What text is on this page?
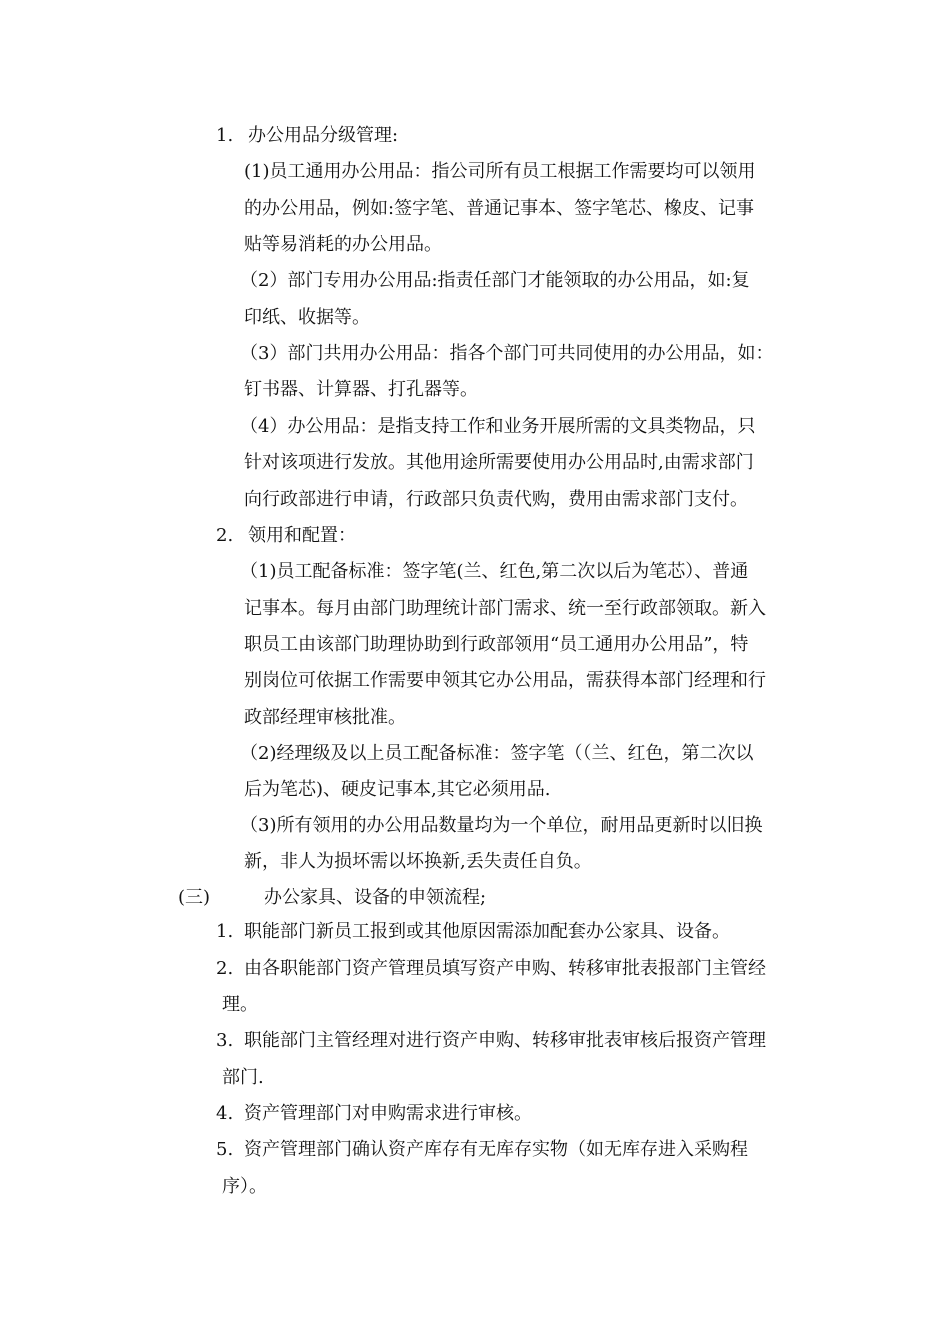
1. 办公用品分级管理:
(1)员工通用办公用品：指公司所有员工根据工作需要均可以领用
的办公用品，例如:签字笔、普通记事本、签字笔芯、橡皮、记事
贴等易消耗的办公用品。
（2）部门专用办公用品:指责任部门才能领取的办公用品，如:复
印纸、收据等。
（3）部门共用办公用品：指各个部门可共同使用的办公用品，如：
钉书器、计算器、打孔器等。
（4）办公用品：是指支持工作和业务开展所需的文具类物品，只
针对该项进行发放。其他用途所需要使用办公用品时,由需求部门
向行政部进行申请，行政部只负责代购，费用由需求部门支付。
2. 领用和配置：
（1)员工配备标准：签字笔(兰、红色,第二次以后为笔芯）、普通
记事本。每月由部门助理统计部门需求、统一至行政部领取。新入
职员工由该部门助理协助到行政部领用“员工通用办公用品”，特
别岗位可依据工作需要申领其它办公用品，需获得本部门经理和行
政部经理审核批准。
（2)经理级及以上员工配备标准：签字笔（（兰、红色，第二次以
后为笔芯)、硬皮记事本,其它必须用品.
（3)所有领用的办公用品数量均为一个单位，耐用品更新时以旧换
新，非人为损坏需以坏换新,丢失责任自负。
(三)	办公家具、设备的申领流程;
1. 职能部门新员工报到或其他原因需添加配套办公家具、设备。
2. 由各职能部门资产管理员填写资产申购、转移审批表报部门主管经
理。
3. 职能部门主管经理对进行资产申购、转移审批表审核后报资产管理
部门.
4. 资产管理部门对申购需求进行审核。
5. 资产管理部门确认资产库存有无库存实物（如无库存进入采购程
序）。
